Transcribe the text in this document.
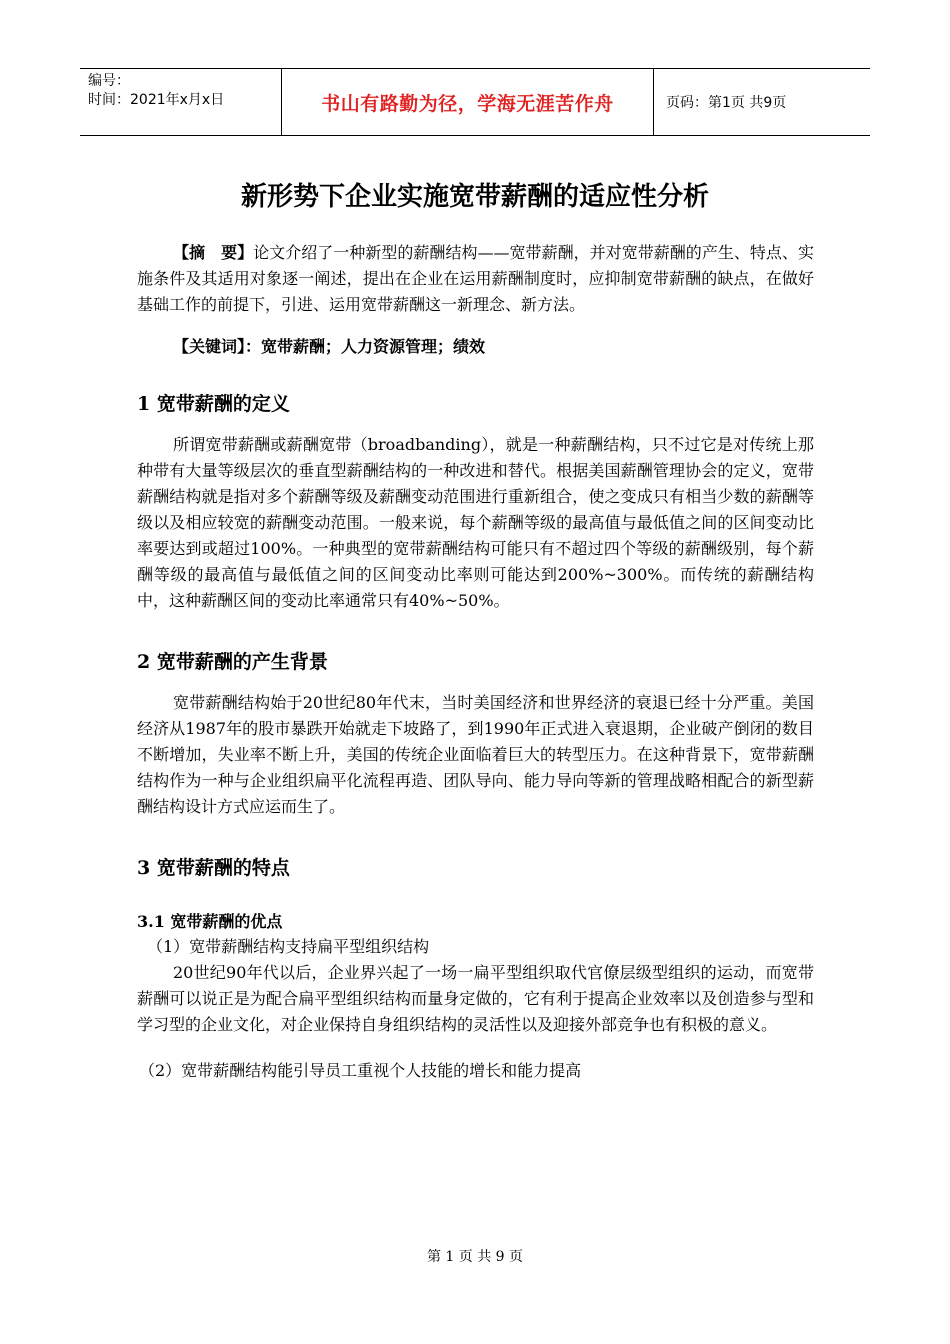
编号：
时间：2021年x月x日	书山有路勤为径，学海无涯苦作舟	页码：第1页 共9页
新形势下企业实施宽带薪酬的适应性分析

【摘　要】论文介绍了一种新型的薪酬结构——宽带薪酬，并对宽带薪酬的产生、特点、实施条件及其适用对象逐一阐述，提出在企业在运用薪酬制度时，应抑制宽带薪酬的缺点，在做好基础工作的前提下，引进、运用宽带薪酬这一新理念、新方法。

【关键词】：宽带薪酬；人力资源管理；绩效
1 宽带薪酬的定义

所谓宽带薪酬或薪酬宽带（broadbanding），就是一种薪酬结构，只不过它是对传统上那种带有大量等级层次的垂直型薪酬结构的一种改进和替代。根据美国薪酬管理协会的定义，宽带薪酬结构就是指对多个薪酬等级及薪酬变动范围进行重新组合，使之变成只有相当少数的薪酬等级以及相应较宽的薪酬变动范围。一般来说，每个薪酬等级的最高值与最低值之间的区间变动比率要达到或超过100%。一种典型的宽带薪酬结构可能只有不超过四个等级的薪酬级别，每个薪酬等级的最高值与最低值之间的区间变动比率则可能达到200%~300%。而传统的薪酬结构中，这种薪酬区间的变动比率通常只有40%~50%。

2 宽带薪酬的产生背景

宽带薪酬结构始于20世纪80年代末，当时美国经济和世界经济的衰退已经十分严重。美国经济从1987年的股市暴跌开始就走下坡路了，到1990年正式进入衰退期，企业破产倒闭的数目不断增加，失业率不断上升，美国的传统企业面临着巨大的转型压力。在这种背景下，宽带薪酬结构作为一种与企业组织扁平化流程再造、团队导向、能力导向等新的管理战略相配合的新型薪酬结构设计方式应运而生了。

3 宽带薪酬的特点
3.1 宽带薪酬的优点
（1）宽带薪酬结构支持扁平型组织结构

20世纪90年代以后，企业界兴起了一场一扁平型组织取代官僚层级型组织的运动，而宽带薪酬可以说正是为配合扁平型组织结构而量身定做的，它有利于提高企业效率以及创造参与型和学习型的企业文化，对企业保持自身组织结构的灵活性以及迎接外部竞争也有积极的意义。

（2）宽带薪酬结构能引导员工重视个人技能的增长和能力提高
第 1 页 共 9 页
